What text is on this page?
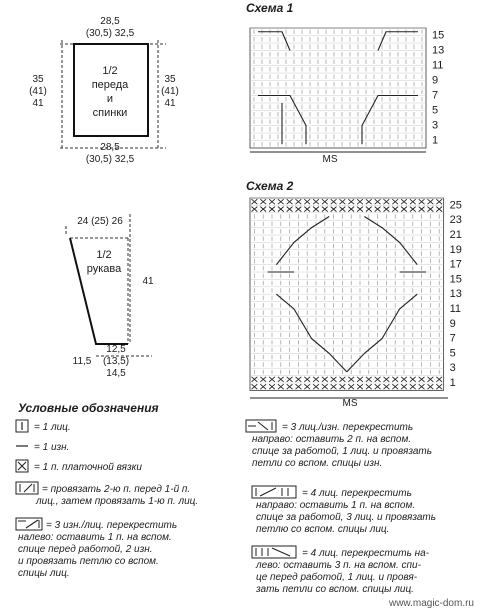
28,5
(30,5) 32,5
28,5
(30,5) 32,5
35
(41)
41
35
(41)
41
1/2
переда
и
спинки
24 (25) 26
41
12,5
(13,5)
14,5
11,5
1/2
рукава
Схема 1
15
13
11
9
7
5
3
1
MS
Схема 2
25
23
21
19
17
15
13
11
9
7
5
3
1
MS
Условные обозначения
= 1 лиц.
= 1 изн.
= 1 п. платочной вязки
= провязать 2-ю п. перед 1-й п.
лиц., затем провязать 1-ю п. лиц.
= 3 изн./лиц. перекрестить
налево: оставить 1 п. на вспом.
спице перед работой, 2 изн.
и провязать петлю со вспом.
спицы лиц.
= 3 лиц./изн. перекрестить
направо: оставить 2 п. на вспом.
спице за работой, 1 лиц. и провязать
петли со вспом. спицы изн.
= 4 лиц. перекрестить
направо: оставить 1 п. на вспом.
спице за работой, 3 лиц. и провязать
петлю со вспом. спицы лиц.
= 4 лиц. перекрестить на-
лево: оставить 3 п. на вспом. спи-
це перед работой, 1 лиц. и провя-
зать петли со вспом. спицы лиц.
www.magic-dom.ru
